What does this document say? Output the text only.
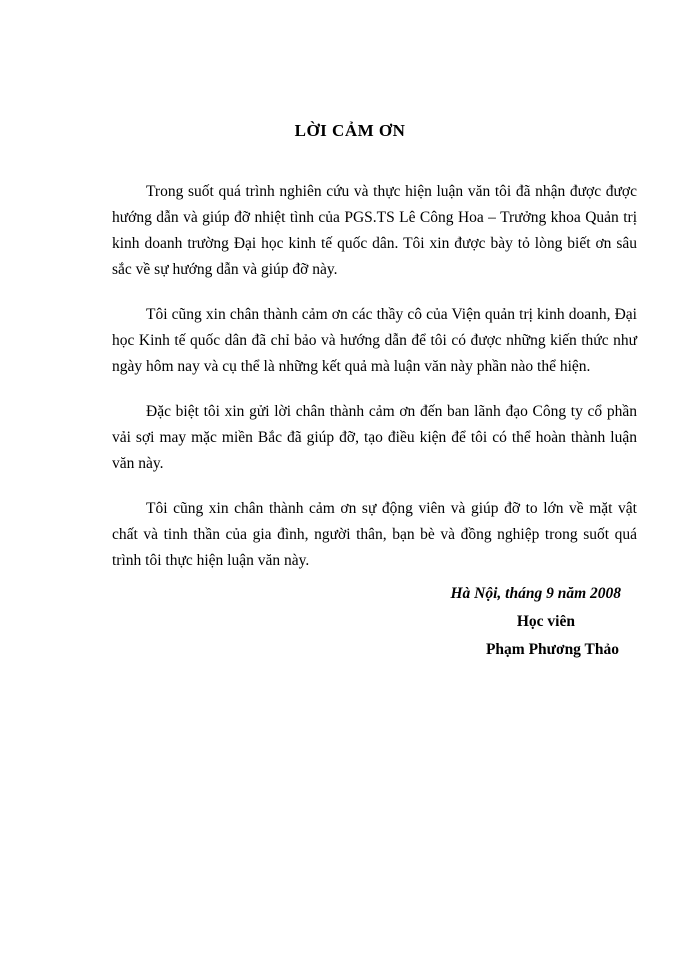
LỜI CẢM ƠN

Trong suốt quá trình nghiên cứu và thực hiện luận văn tôi đã nhận được được hướng dẫn và giúp đỡ nhiệt tình của PGS.TS Lê Công Hoa – Trưởng khoa Quản trị kinh doanh trường Đại học kinh tế quốc dân. Tôi xin được bày tỏ lòng biết ơn sâu sắc về sự hướng dẫn và giúp đỡ này.

Tôi cũng xin chân thành cảm ơn các thầy cô của Viện quản trị kinh doanh, Đại học Kinh tế quốc dân đã chỉ bảo và hướng dẫn để tôi có được những kiến thức như ngày hôm nay và cụ thể là những kết quả mà luận văn này phần nào thể hiện.

Đặc biệt tôi xin gửi lời chân thành cảm ơn đến ban lãnh đạo Công ty cổ phần vải sợi may mặc miền Bắc đã giúp đỡ, tạo điều kiện để tôi có thể hoàn thành luận văn này.

Tôi cũng xin chân thành cảm ơn sự động viên và giúp đỡ to lớn về mặt vật chất và tinh thần của gia đình, người thân, bạn bè và đồng nghiệp trong suốt quá trình tôi thực hiện luận văn này.

Hà Nội, tháng 9 năm 2008
Học viên
Phạm Phương Thảo
